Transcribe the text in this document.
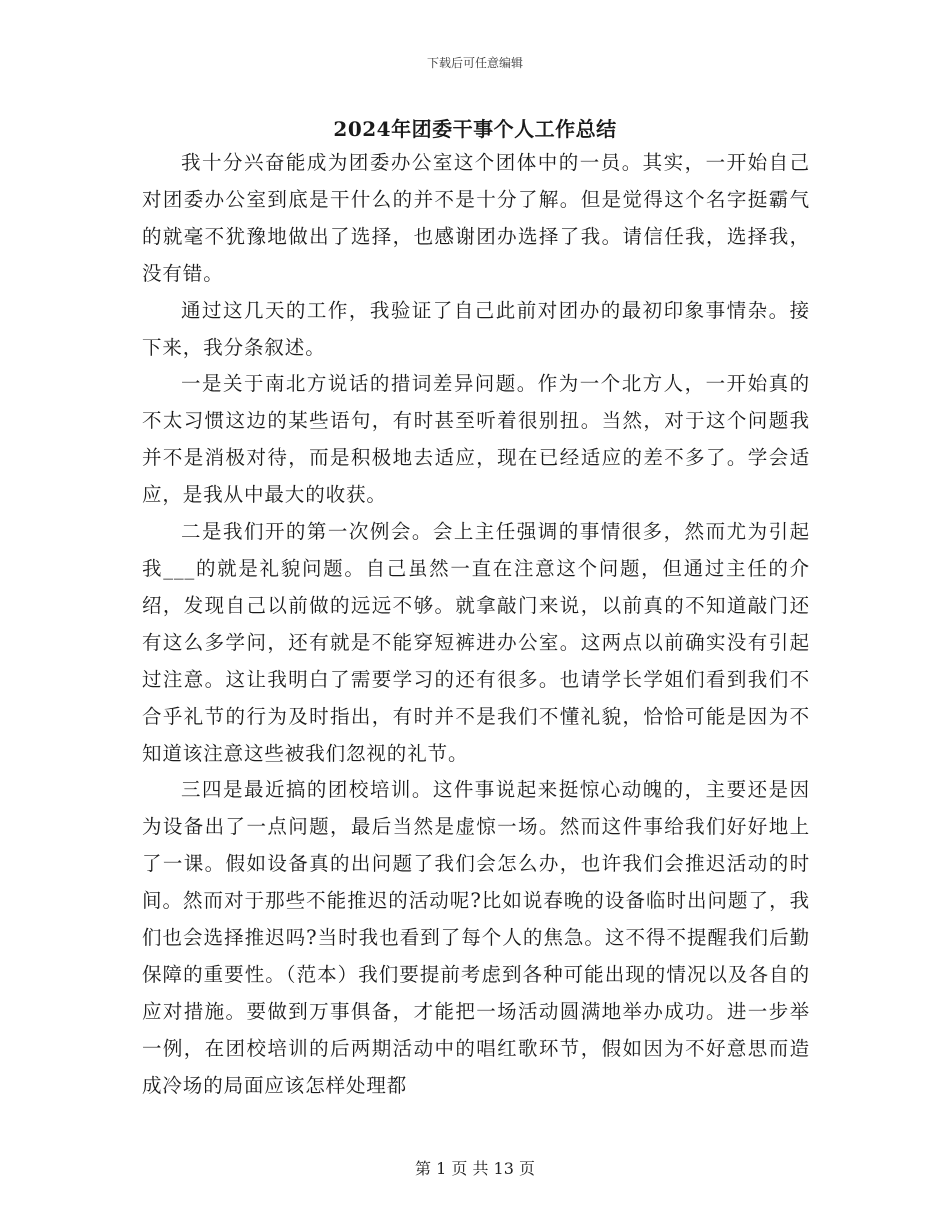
下载后可任意编辑
2024年团委干事个人工作总结

我十分兴奋能成为团委办公室这个团体中的一员。其实，一开始自己对团委办公室到底是干什么的并不是十分了解。但是觉得这个名字挺霸气的就毫不犹豫地做出了选择，也感谢团办选择了我。请信任我，选择我，没有错。

通过这几天的工作，我验证了自己此前对团办的最初印象事情杂。接下来，我分条叙述。

一是关于南北方说话的措词差异问题。作为一个北方人，一开始真的不太习惯这边的某些语句，有时甚至听着很别扭。当然，对于这个问题我并不是消极对待，而是积极地去适应，现在已经适应的差不多了。学会适应，是我从中最大的收获。

二是我们开的第一次例会。会上主任强调的事情很多，然而尤为引起我___的就是礼貌问题。自己虽然一直在注意这个问题，但通过主任的介绍，发现自己以前做的远远不够。就拿敲门来说，以前真的不知道敲门还有这么多学问，还有就是不能穿短裤进办公室。这两点以前确实没有引起过注意。这让我明白了需要学习的还有很多。也请学长学姐们看到我们不合乎礼节的行为及时指出，有时并不是我们不懂礼貌，恰恰可能是因为不知道该注意这些被我们忽视的礼节。

三四是最近搞的团校培训。这件事说起来挺惊心动魄的，主要还是因为设备出了一点问题，最后当然是虚惊一场。然而这件事给我们好好地上了一课。假如设备真的出问题了我们会怎么办，也许我们会推迟活动的时间。然而对于那些不能推迟的活动呢?比如说春晚的设备临时出问题了，我们也会选择推迟吗?当时我也看到了每个人的焦急。这不得不提醒我们后勤保障的重要性。（范本）我们要提前考虑到各种可能出现的情况以及各自的应对措施。要做到万事俱备，才能把一场活动圆满地举办成功。进一步举一例，在团校培训的后两期活动中的唱红歌环节，假如因为不好意思而造成冷场的局面应该怎样处理都

第 1 页 共 13 页
